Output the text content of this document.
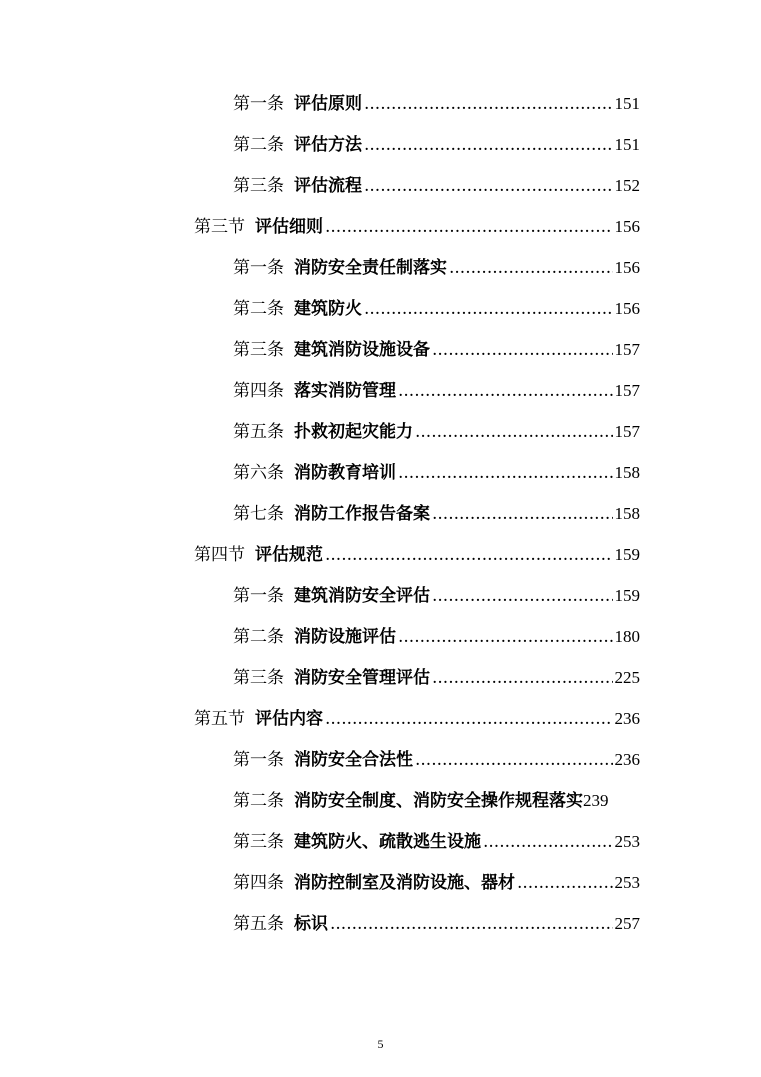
第一条 评估原则 .....	151
第二条 评估方法 .....	151
第三条 评估流程 .....	152
第三节 评估细则 .....	156
第一条 消防安全责任制落实 .....	156
第二条 建筑防火 .....	156
第三条 建筑消防设施设备 .....	157
第四条 落实消防管理 .....	157
第五条 扑救初起灾能力 .....	157
第六条 消防教育培训 .....	158
第七条 消防工作报告备案 .....	158
第四节 评估规范 .....	159
第一条 建筑消防安全评估 .....	159
第二条 消防设施评估 .....	180
第三条 消防安全管理评估 .....	225
第五节 评估内容 .....	236
第一条 消防安全合法性 .....	236
第二条 消防安全制度、消防安全操作规程落实 239
第三条 建筑防火、疏散逃生设施 .....	253
第四条 消防控制室及消防设施、器材 .....	253
第五条 标识 .....	257
5
